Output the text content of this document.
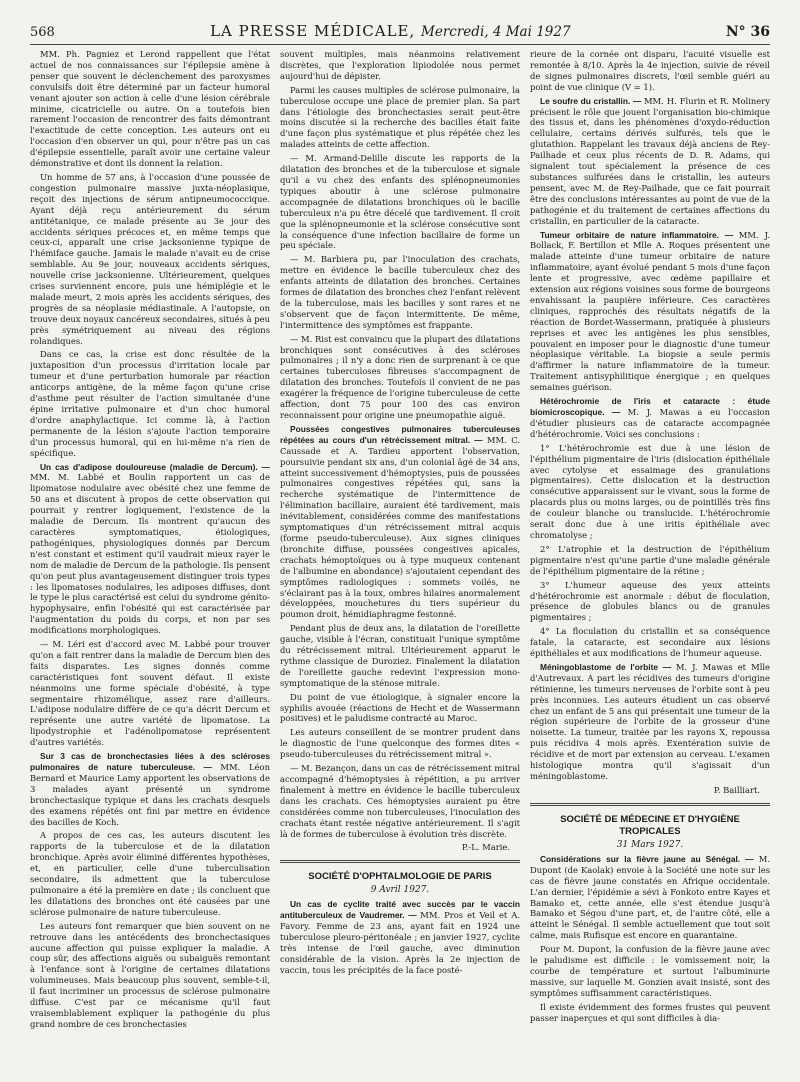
568	LA PRESSE MÉDICALE, Mercredi, 4 Mai 1927	N° 36

MM. Ph. Pagniez et Lerond rappellent que l'état actuel de nos connaissances sur l'épilepsie amène à penser que souvent le déclenchement des paroxysmes convulsifs doit être déterminé par un facteur humoral venant ajouter son action à celle d'une lésion cérébrale minime, cicatricielle ou autre. On a toutefois bien rarement l'occasion de rencontrer des faits démontrant l'exactitude de cette conception. Les auteurs ont eu l'occasion d'en observer un qui, pour n'être pas un cas d'épilepsie essentielle, paraît avoir une certaine valeur démonstrative et dont ils donnent la relation.

Un homme de 57 ans, à l'occasion d'une poussée de congestion pulmonaire massive juxta-néoplasique, reçoit des injections de sérum antipneumococcique. Ayant déjà reçu antérieurement du sérum antitétanique, ce malade présente au 3e jour des accidents sériques précoces et, en même temps que ceux-ci, apparaît une crise jacksonienne typique de l'hémiface gauche. Jamais le malade n'avait eu de crise semblable. Au 9e jour, nouveaux accidents sériques, nouvelle crise jacksonienne. Ultérieurement, quelques crises surviennent encore, puis une hémiplégie et le malade meurt, 2 mois après les accidents sériques, des progrès de sa néoplasie médiastinale. A l'autopsie, on trouve deux noyaux cancéreux secondaires, situés à peu près symétriquement au niveau des régions rolandiques.

Dans ce cas, la crise est donc résultée de la juxtaposition d'un processus d'irritation locale par tumeur et d'une perturbation humorale par réaction anticorps antigène, de la même façon qu'une crise d'asthme peut résulter de l'action simultanée d'une épine irritative pulmonaire et d'un choc humoral d'ordre anaphylactique. Ici comme là, à l'action permanente de la lésion s'ajoute l'action temporaire d'un processus humoral, qui en lui-même n'a rien de spécifique.

Un cas d'adipose douloureuse (maladie de Dercum). — MM. M. Labbé et Boulin rapportent un cas de lipomatose nodulaire avec obésité chez une femme de 50 ans et discutent à propos de cette observation qui pourrait y rentrer logiquement, l'existence de la maladie de Dercum. Ils montrent qu'aucun des caractères symptomatiques, étiologiques, pathogéniques, physiologiques donnés par Dercum n'est constant et estiment qu'il vaudrait mieux rayer le nom de maladie de Dercum de la pathologie. Ils pensent qu'on peut plus avantageusement distinguer trois types : les lipomatoses nodulaires, les adiposes diffuses, dont le type le plus caractérisé est celui du syndrome génito-hypophysaire, enfin l'obésité qui est caractérisée par l'augmentation du poids du corps, et non par ses modifications morphologiques.

— M. Léri est d'accord avec M. Labbé pour trouver qu'on a fait rentrer dans la maladie de Dercum bien des faits disparates. Les signes donnés comme caractéristiques font souvent défaut. Il existe néanmoins une forme spéciale d'obésité, à type segmentaire rhizomélique, assez rare d'ailleurs. L'adipose nodulaire diffère de ce qu'a décrit Dercum et représente une autre variété de lipomatose. La lipodystrophie et l'adénolipomatose représentent d'autres variétés.

Sur 3 cas de bronchectasies liées à des scléroses pulmonaires de nature tuberculeuse. — MM. Léon Bernard et Maurice Lamy apportent les observations de 3 malades ayant présenté un syndrome bronchectasique typique et dans les crachats desquels des examens répétés ont fini par mettre en évidence des bacilles de Koch.

A propos de ces cas, les auteurs discutent les rapports de la tuberculose et de la dilatation bronchique. Après avoir éliminé différentes hypothèses, et, en particulier, celle d'une tuberculisation secondaire, ils admettent que la tuberculose pulmonaire a été la première en date ; ils concluent que les dilatations des bronches ont été causées par une sclérose pulmonaire de nature tuberculeuse.

Les auteurs font remarquer que bien souvent on ne retrouve dans les antécédents des bronchectasiques aucune affection qui puisse expliquer la maladie. A coup sûr, des affections aiguës ou subaiguës remontant à l'enfance sont à l'origine de certaines dilatations volumineuses. Mais beaucoup plus souvent, semble-t-il, il faut incriminer un processus de sclérose pulmonaire diffuse. C'est par ce mécanisme qu'il faut vraisemblablement expliquer la pathogénie du plus grand nombre de ces bronchectasies

souvent multiples, mais néanmoins relativement discrètes, que l'exploration lipiodolée nous permet aujourd'hui de dépister.

Parmi les causes multiples de sclérose pulmonaire, la tuberculose occupe une place de premier plan. Sa part dans l'étiologie des bronchectasies serait peut-être moins discutée si la recherche des bacilles était faite d'une façon plus systématique et plus répétée chez les malades atteints de cette affection.

— M. Armand-Delille discute les rapports de la dilatation des bronches et de la tuberculose et signale qu'il a vu chez des enfants des splénopneumonies typiques aboutir à une sclérose pulmonaire accompagnée de dilatations bronchiques où le bacille tuberculeux n'a pu être décelé que tardivement. Il croit que la splénopneumonie et la sclérose consécutive sont la conséquence d'une infection bacillaire de forme un peu spéciale.

— M. Barbiera pu, par l'inoculation des crachats, mettre en évidence le bacille tuberculeux chez des enfants atteints de dilatation des bronches. Certaines formes de dilatation des bronches chez l'enfant relèvent de la tuberculose, mais les bacilles y sont rares et ne s'observent que de façon intermittente. De même, l'intermittence des symptômes est frappante.

— M. Rist est convaincu que la plupart des dilatations bronchiques sont consécutives à des scléroses pulmonaires ; il n'y a donc rien de surprenant à ce que certaines tuberculoses fibreuses s'accompagnent de dilatation des bronches. Toutefois il convient de ne pas exagérer la fréquence de l'origine tuberculeuse de cette affection, dont 75 pour 100 des cas environ reconnaissent pour origine une pneumopathie aiguë.

Poussées congestives pulmonaires tuberculeuses répétées au cours d'un rétrécissement mitral. — MM. C. Caussade et A. Tardieu apportent l'observation, poursuivie pendant six ans, d'un colonial âgé de 34 ans, atteint successivement d'hémoptysies, puis de poussées pulmonaires congestives répétées qui, sans la recherche systématique de l'intermittence de l'élimination bacillaire, auraient été tardivement, mais inévitablement, considérées comme des manifestations symptomatiques d'un rétrécissement mitral acquis (forme pseudo-tuberculeuse). Aux signes cliniques (bronchite diffuse, poussées congestives apicales, crachats hémoptoïques ou à type muqueux contenant de l'albumine en abondance) s'ajoutaient cependant des symptômes radiologiques : sommets voilés, ne s'éclairant pas à la toux, ombres hilaires anormalement développées, mouchetures du tiers supérieur du poumon droit, hémidiaphragme festonné.

Pendant plus de deux ans, la dilatation de l'oreillette gauche, visible à l'écran, constituait l'unique symptôme du rétrécissement mitral. Ultérieurement apparut le rythme classique de Duroziez. Finalement la dilatation de l'oreillette gauche redevint l'expression mono-symptomatique de la sténose mitrale.

Du point de vue étiologique, à signaler encore la syphilis avouée (réactions de Hecht et de Wassermann positives) et le paludisme contracté au Maroc.

Les auteurs conseillent de se montrer prudent dans le diagnostic de l'une quelconque des formes dites « pseudo-tuberculeuses du rétrécissement mitral ».

— M. Bezançon, dans un cas de rétrécissement mitral accompagné d'hémoptysies à répétition, a pu arriver finalement à mettre en évidence le bacille tuberculeux dans les crachats. Ces hémoptysies auraient pu être considérées comme non tuberculeuses, l'inoculation des crachats étant restée négative antérieurement. Il s'agit là de formes de tuberculose à évolution très discrète.

P.-L. Marie.
SOCIÉTÉ D'OPHTALMOLOGIE DE PARIS
9 Avril 1927.

Un cas de cyclite traité avec succès par le vaccin antituberculeux de Vaudremer. — MM. Pros et Veil et A. Favory. Femme de 23 ans, ayant fait en 1924 une tuberculose pleuro-péritonéale ; en janvier 1927, cyclite très intense de l'œil gauche, avec diminution considérable de la vision. Après la 2e injection de vaccin, tous les précipités de la face posté-

rieure de la cornée ont disparu, l'acuité visuelle est remontée à 8/10. Après la 4e injection, suivie de réveil de signes pulmonaires discrets, l'œil semble guéri au point de vue clinique (V = 1).

Le soufre du cristallin. — MM. H. Flurin et R. Molinery précisent le rôle que jouent l'organisation bio-chimique des tissus et, dans les phénomènes d'oxydo-réduction cellulaire, certains dérivés sulfurés, tels que le glutathion. Rappelant les travaux déjà anciens de Rey-Pailhade et ceux plus récents de D. R. Adams, qui signalent tout spécialement la présence de ces substances sulfurées dans le cristallin, les auteurs pensent, avec M. de Rey-Pailhade, que ce fait pourrait être des conclusions intéressantes au point de vue de la pathogénie et du traitement de certaines affections du cristallin, en particulier de la cataracte.

Tumeur orbitaire de nature inflammatoire. — MM. J. Bollack, F. Bertillon et Mlle A. Roques présentent une malade atteinte d'une tumeur orbitaire de nature inflammatoire, ayant évolué pendant 5 mois d'une façon lente et progressive, avec œdème papillaire et extension aux régions voisines sous forme de bourgeons envahissant la paupière inférieure. Ces caractères cliniques, rapprochés des résultats négatifs de la réaction de Bordet-Wassermann, pratiquée à plusieurs reprises et avec les antigènes les plus sensibles, pouvaient en imposer pour le diagnostic d'une tumeur néoplasique véritable. La biopsie a seule permis d'affirmer la nature inflammatoire de la tumeur. Traitement antisyphilitique énergique ; en quelques semaines guérison.

Hétérochromie de l'iris et cataracte : étude biomicroscopique. — M. J. Mawas a eu l'occasion d'étudier plusieurs cas de cataracte accompagnée d'hétérochromie. Voici ses conclusions :

1° L'hétérochromie est due à une lésion de l'épithélium pigmentaire de l'iris (dislocation épithéliale avec cytolyse et essaimage des granulations pigmentaires). Cette dislocation et la destruction consécutive apparaissent sur le vivant, sous la forme de placards plus ou moins larges, ou de pointillés très fins de couleur blanche ou translucide. L'hétérochromie serait donc due à une iritis épithéliale avec chromatolyse ;

2° L'atrophie et la destruction de l'épithélium pigmentaire n'est qu'une partie d'une maladie générale de l'épithélium pigmentaire de la rétine ;

3° L'humeur aqueuse des yeux atteints d'hétérochromie est anormale : début de floculation, présence de globules blancs ou de granules pigmentaires ;

4° La floculation du cristallin et sa conséquence fatale, la cataracte, est secondaire aux lésions épithéliales et aux modifications de l'humeur aqueuse.

Méningoblastome de l'orbite — M. J. Mawas et Mlle d'Autrevaux. A part les récidives des tumeurs d'origine rétinienne, les tumeurs nerveuses de l'orbite sont à peu près inconnues. Les auteurs étudient un cas observé chez un enfant de 5 ans qui présentait une tumeur de la région supérieure de l'orbite de la grosseur d'une noisette. La tumeur, traitée par les rayons X, repoussa puis récidiva 4 mois après. Exentération suivie de récidive et de mort par extension au cerveau. L'examen histologique montra qu'il s'agissait d'un méningoblastome.

P. Bailliart.
SOCIÉTÉ DE MÉDECINE ET D'HYGIÈNE TROPICALES
31 Mars 1927.

Considérations sur la fièvre jaune au Sénégal. — M. Dupont (de Kaolak) envoie à la Société une note sur les cas de fièvre jaune constatés en Afrique occidentale. L'an dernier, l'épidémie a sévi à Fonkoto entre Kayes et Bamako et, cette année, elle s'est étendue jusqu'à Bamako et Ségou d'une part, et, de l'autre côté, elle a atteint le Sénégal. Il semble actuellement que tout soit calme, mais Rufisque est encore en quarantaine.

Pour M. Dupont, la confusion de la fièvre jaune avec le paludisme est difficile : le vomissement noir, la courbe de température et surtout l'albuminurie massive, sur laquelle M. Gonzien avait insisté, sont des symptômes suffisamment caractéristiques.

Il existe évidemment des formes frustes qui peuvent passer inaperçues et qui sont difficiles à dia-
